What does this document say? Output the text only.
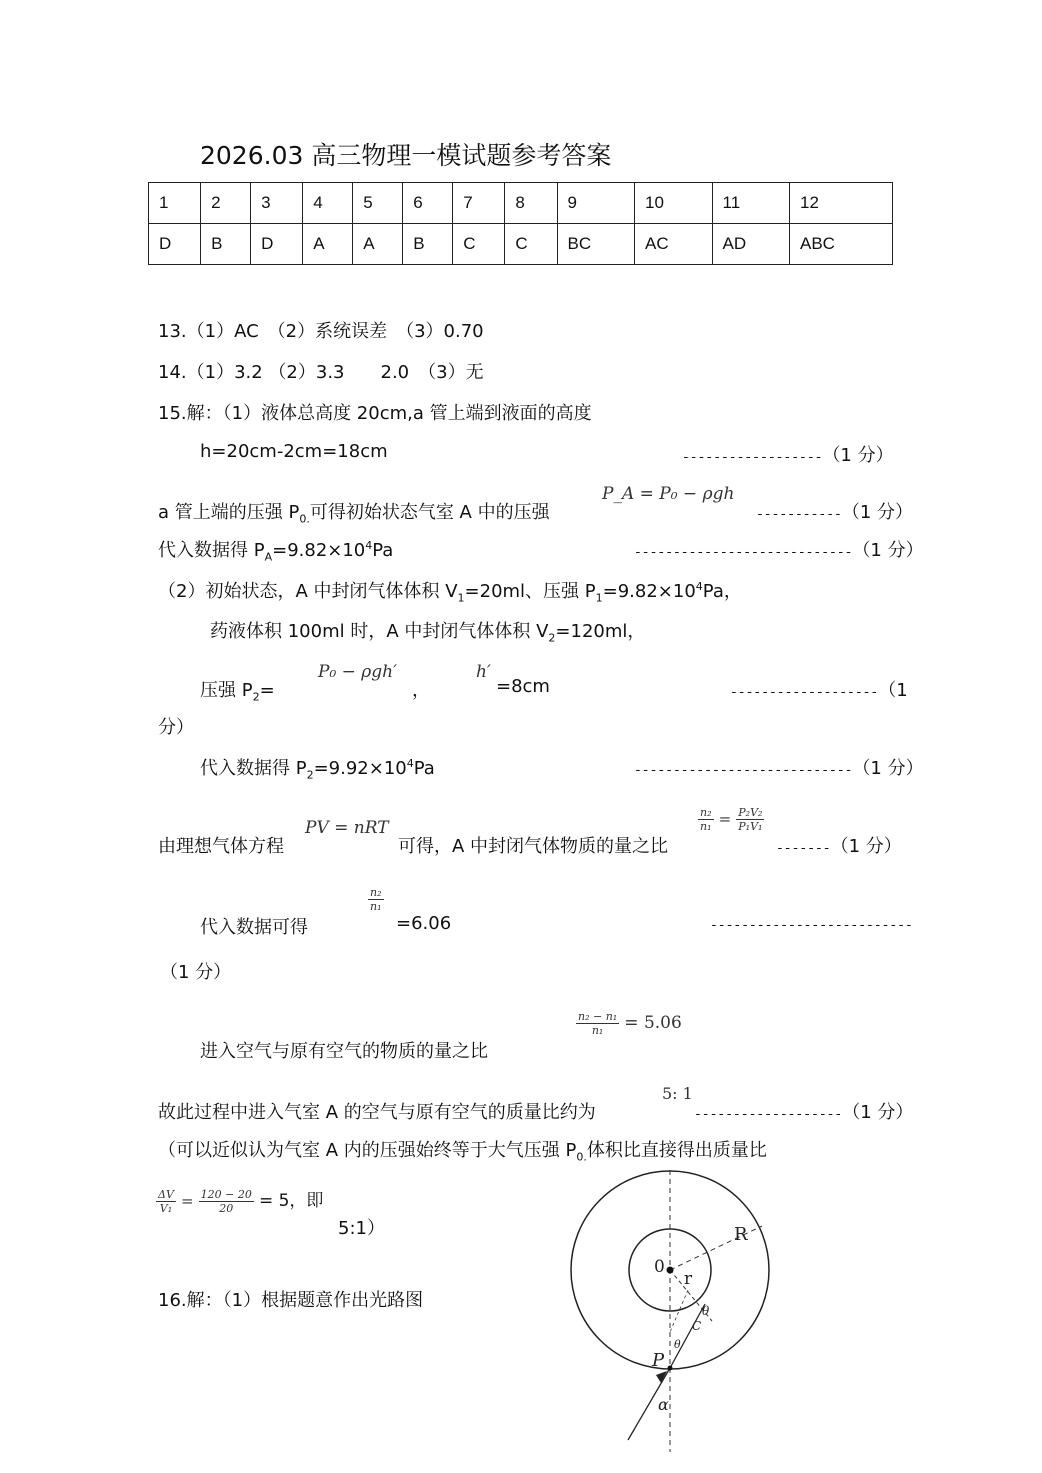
2026.03 高三物理一模试题参考答案
1	2	3	4	5	6	7	8	9	10	11	12
D	B	D	A	A	B	C	C	BC	AC	AD	ABC
13.（1）AC　（2）系统误差　（3）0.70
14.（1）3.2 （2）3.3　　2.0　（3）无
15.解：（1）液体总高度 20cm,a 管上端到液面的高度
h=20cm-2cm=18cm	------------------（1 分）
a 管上端的压强 $P_{0.}$可得初始状态气室 A 中的压强
P_A = P₀ − ρgh
-----------（1 分）
代入数据得 $P_A=9.82\times 10^4Pa$	----------------------------（1 分）
（2）初始状态，A 中封闭气体体积 $V_1=20ml$、压强 $P_1=9.82\times 10^4Pa$，
药液体积 100ml 时，A 中封闭气体体积 $V_2=120ml$，
压强 $P_2=$
P₀ − ρgh′
，
h′
=8cm	-------------------（1
分）
代入数据得 $P_2=9.92\times 10^4Pa$	----------------------------（1 分）
由理想气体方程
PV = nRT
可得，A 中封闭气体物质的量之比
$\frac{\text{n₂}}{\text{n₁}} = \frac{\text{P₂V₂}}{\text{P₁V₁}}$
-------（1 分）
代入数据可得
$\frac{\text{n₂}}{\text{n₁}}$
=6.06	--------------------------
（1 分）
进入空气与原有空气的物质的量之比
$\frac{\text{n₂ − n₁}}{\text{n₁}} = 5.06$
故此过程中进入气室 A 的空气与原有空气的质量比约为
5: 1
-------------------（1 分）
（可以近似认为气室 A 内的压强始终等于大气压强 $P_{0.}$体积比直接得出质量比
$\frac{\Delta V}{\text{V₁}} = \frac{120 - 20}{20} = 5$，即
5:1）
16.解：（1）根据题意作出光路图
R
0
r
θ
C
θ
P
α
